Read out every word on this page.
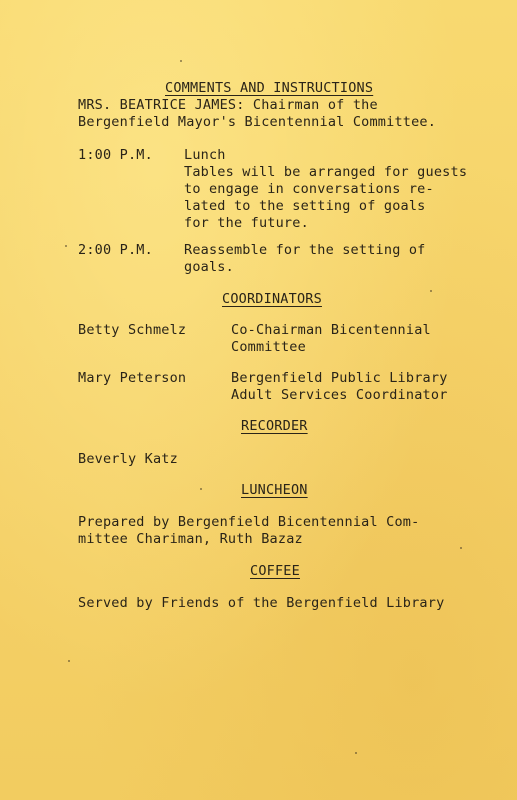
COMMENTS AND INSTRUCTIONS
MRS. BEATRICE JAMES: Chairman of the
Bergenfield Mayor's Bicentennial Committee.
1:00 P.M. Lunch
Tables will be arranged for guests
to engage in conversations re-
lated to the setting of goals
for the future.
2:00 P.M. Reassemble for the setting of
goals.
COORDINATORS
Betty Schmelz	Co-Chairman Bicentennial
Committee
Mary Peterson	Bergenfield Public Library
Adult Services Coordinator
RECORDER
Beverly Katz
LUNCHEON
Prepared by Bergenfield Bicentennial Com-
mittee Chariman, Ruth Bazaz
COFFEE
Served by Friends of the Bergenfield Library
